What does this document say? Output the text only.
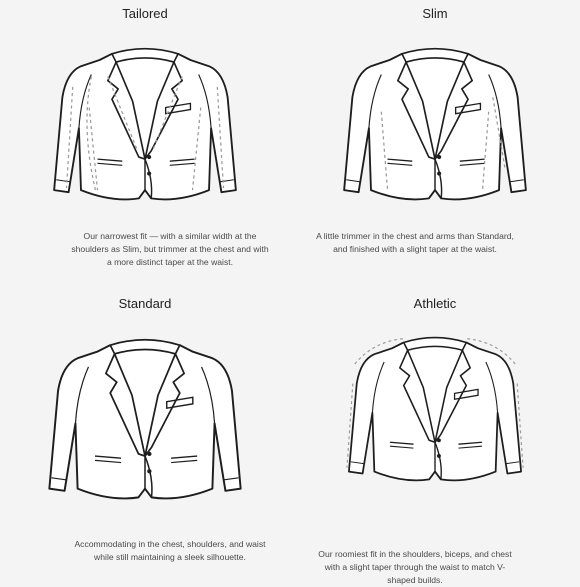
Tailored
Our narrowest fit — with a similar width at the shoulders as Slim, but trimmer at the chest and with a more distinct taper at the waist.
Slim
A little trimmer in the chest and arms than Standard, and finished with a slight taper at the waist.
Standard
Accommodating in the chest, shoulders, and waist while still maintaining a sleek silhouette.
Athletic
Our roomiest fit in the shoulders, biceps, and chest with a slight taper through the waist to match V-shaped builds.
